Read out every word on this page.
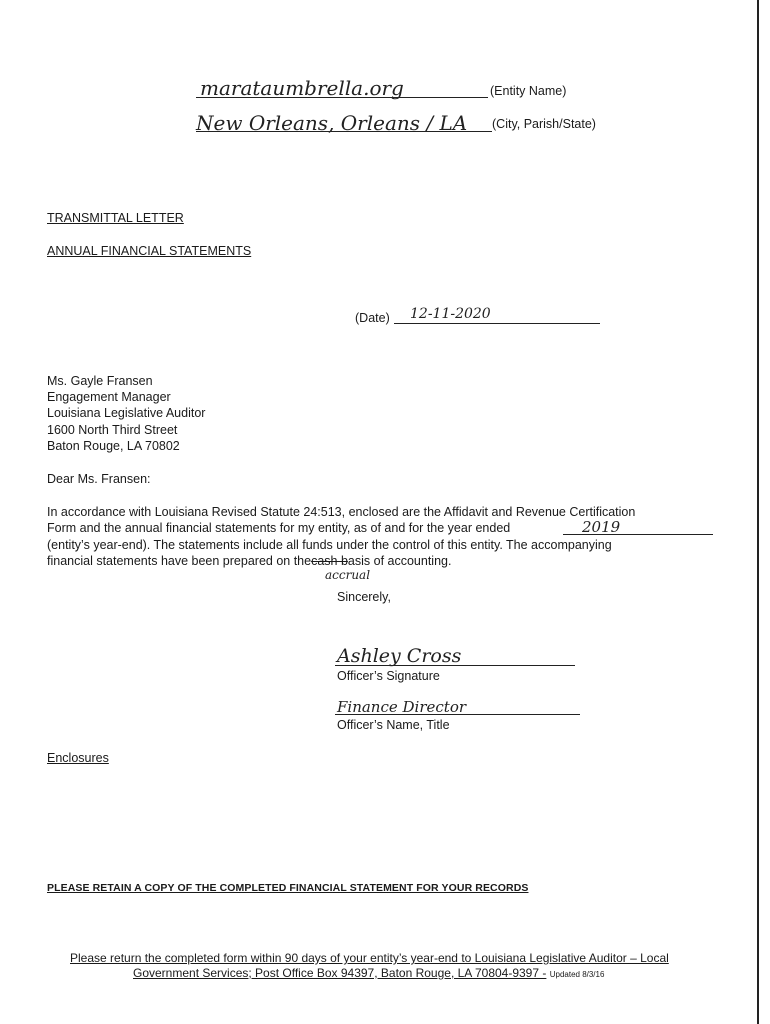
marataumbrella.org	(Entity Name)
New Orleans, Orleans / LA (City, Parish/State)
TRANSMITTAL LETTER
ANNUAL FINANCIAL STATEMENTS
(Date) 12-11-2020
Ms. Gayle Fransen
Engagement Manager
Louisiana Legislative Auditor
1600 North Third Street
Baton Rouge, LA 70802
Dear Ms. Fransen:
In accordance with Louisiana Revised Statute 24:513, enclosed are the Affidavit and Revenue Certification
Form and the annual financial statements for my entity, as of and for the year ended	2019
(entity’s year-end). The statements include all funds under the control of this entity. The accompanying
financial statements have been prepared on thecash basis of accounting.
accrual
Sincerely,
Ashley Cross
Officer’s Signature
Finance Director
Officer’s Name, Title
Enclosures
PLEASE RETAIN A COPY OF THE COMPLETED FINANCIAL STATEMENT FOR YOUR RECORDS
Please return the completed form within 90 days of your entity’s year-end to Louisiana Legislative Auditor – Local
Government Services; Post Office Box 94397, Baton Rouge, LA 70804-9397 - Updated 8/3/16
